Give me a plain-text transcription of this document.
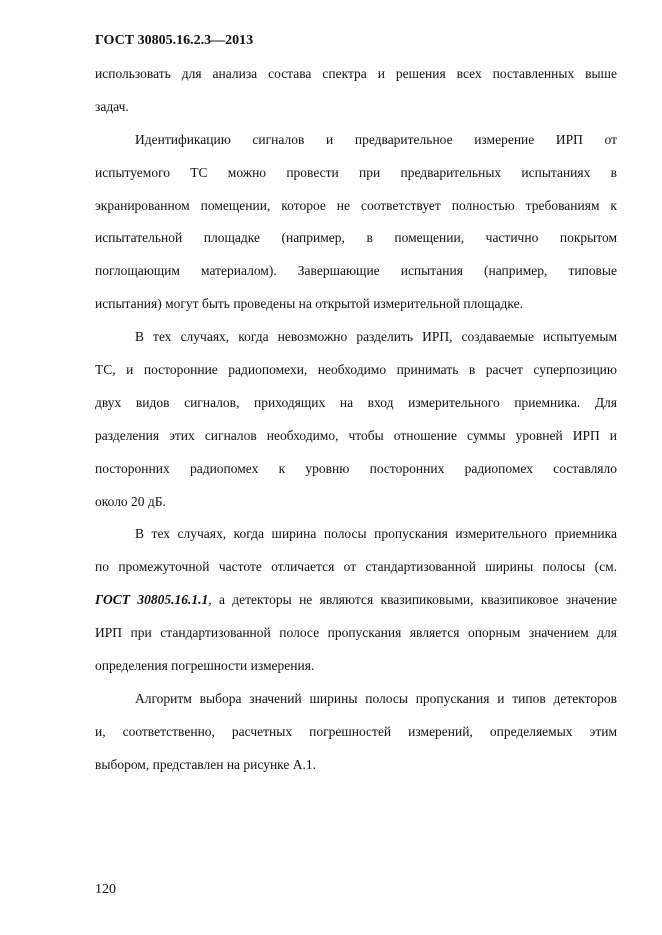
ГОСТ 30805.16.2.3—2013
использовать для анализа состава спектра и решения всех поставленных выше
задач.
Идентификацию сигналов и предварительное измерение ИРП от
испытуемого ТС можно провести при предварительных испытаниях в
экранированном помещении, которое не соответствует полностью требованиям к
испытательной площадке (например, в помещении, частично покрытом
поглощающим материалом). Завершающие испытания (например, типовые
испытания) могут быть проведены на открытой измерительной площадке.
В тех случаях, когда невозможно разделить ИРП, создаваемые испытуемым
ТС, и посторонние радиопомехи, необходимо принимать в расчет суперпозицию
двух видов сигналов, приходящих на вход измерительного приемника. Для
разделения этих сигналов необходимо, чтобы отношение суммы уровней ИРП и
посторонних радиопомех к уровню посторонних радиопомех составляло
около 20 дБ.
В тех случаях, когда ширина полосы пропускания измерительного приемника
по промежуточной частоте отличается от стандартизованной ширины полосы (см.
ГОСТ 30805.16.1.1, а детекторы не являются квазипиковыми, квазипиковое значение
ИРП при стандартизованной полосе пропускания является опорным значением для
определения погрешности измерения.
Алгоритм выбора значений ширины полосы пропускания и типов детекторов
и, соответственно, расчетных погрешностей измерений, определяемых этим
выбором, представлен на рисунке А.1.
120
